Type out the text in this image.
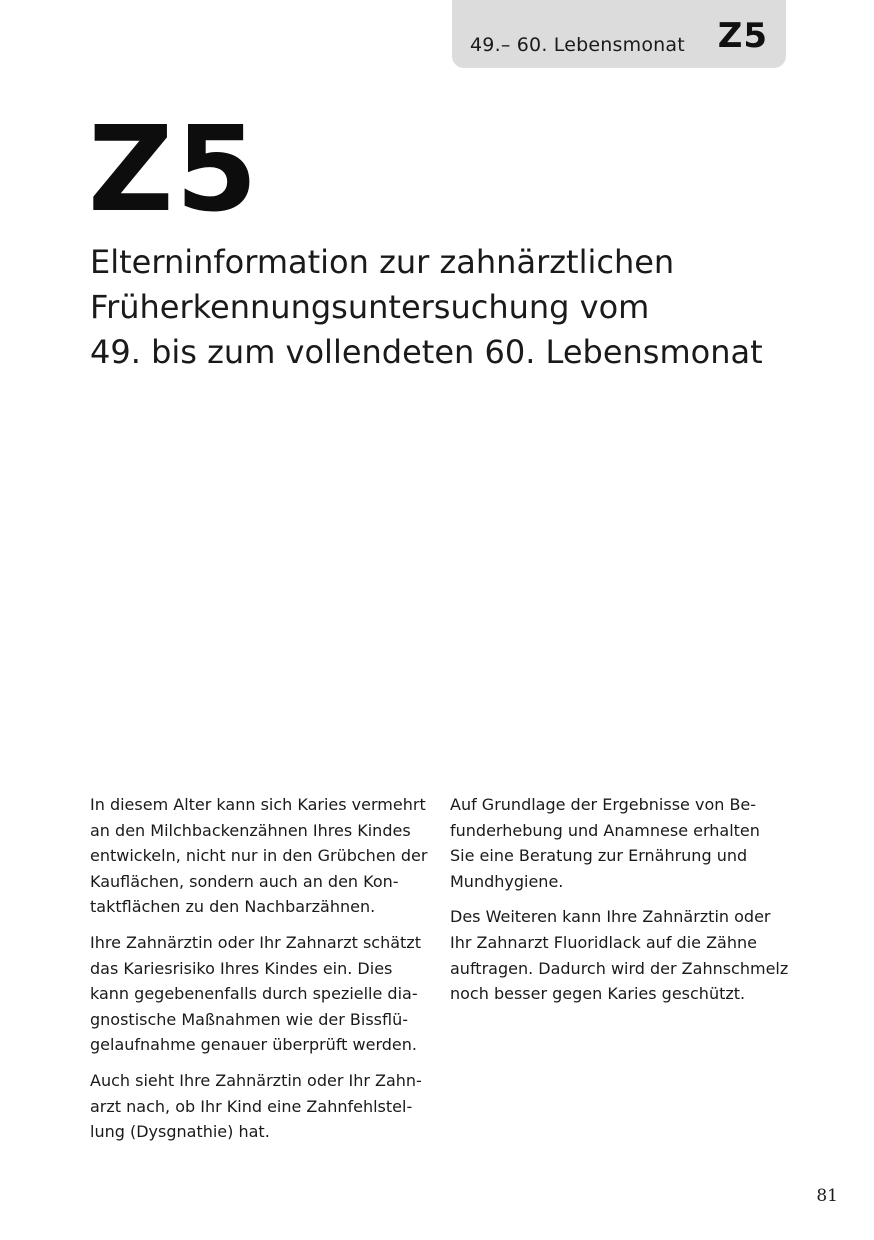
49.– 60. Lebensmonat Z5
Z5
Elterninformation zur zahnärztlichen
Früherkennungsuntersuchung vom
49. bis zum vollendeten 60. Lebensmonat

In diesem Alter kann sich Karies vermehrt
an den Milchbackenzähnen Ihres Kindes
entwickeln, nicht nur in den Grübchen der
Kauflächen, sondern auch an den Kon-
taktflächen zu den Nachbarzähnen.

Ihre Zahnärztin oder Ihr Zahnarzt schätzt
das Kariesrisiko Ihres Kindes ein. Dies
kann gegebenenfalls durch spezielle dia-
gnostische Maßnahmen wie der Bissflü-
gelaufnahme genauer überprüft werden.

Auch sieht Ihre Zahnärztin oder Ihr Zahn-
arzt nach, ob Ihr Kind eine Zahnfehlstel-
lung (Dysgnathie) hat.

Auf Grundlage der Ergebnisse von Be-
funderhebung und Anamnese erhalten
Sie eine Beratung zur Ernährung und
Mundhygiene.

Des Weiteren kann Ihre Zahnärztin oder
Ihr Zahnarzt Fluoridlack auf die Zähne
auftragen. Dadurch wird der Zahnschmelz
noch besser gegen Karies geschützt.

81
